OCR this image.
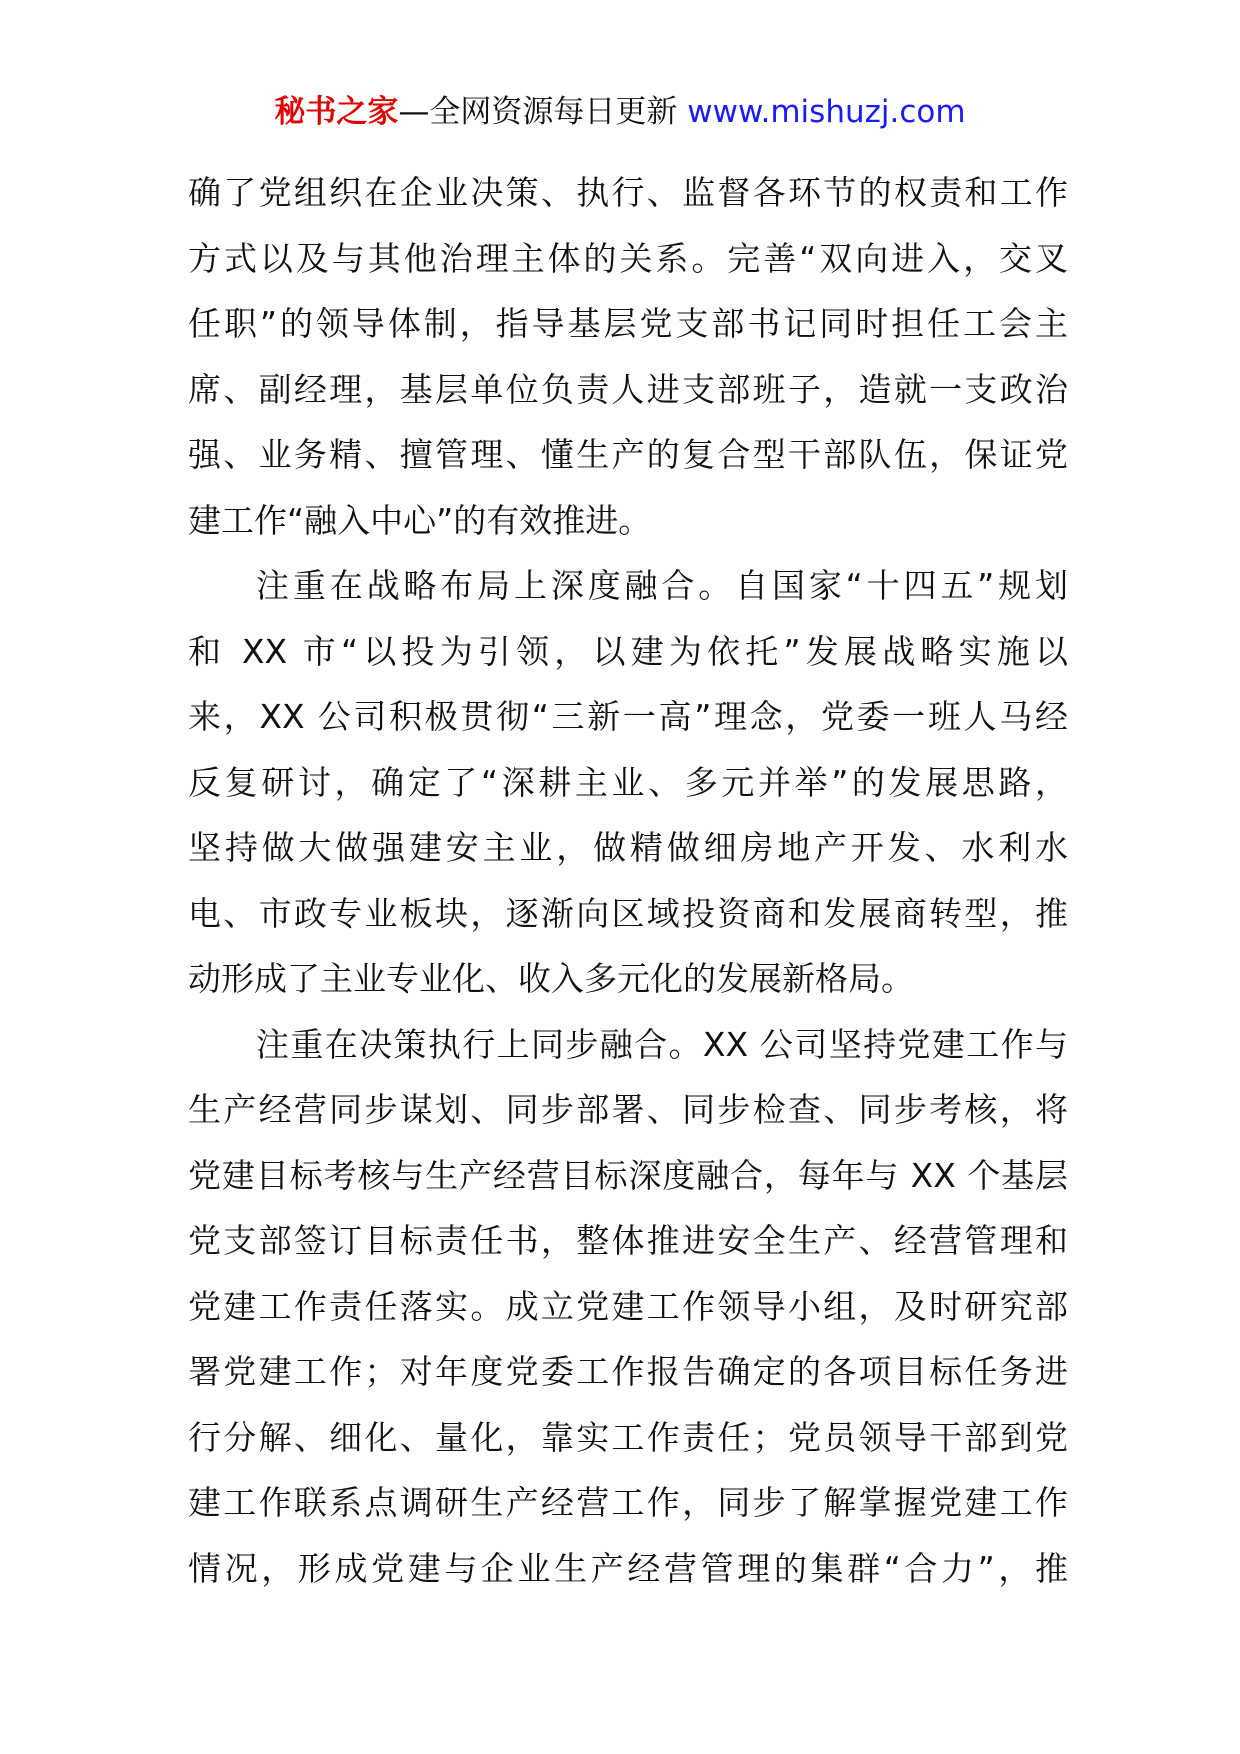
秘书之家—全网资源每日更新 www.mishuzj.com
确了党组织在企业决策、执行、监督各环节的权责和工作
方式以及与其他治理主体的关系。完善“双向进入，交叉
任职”的领导体制，指导基层党支部书记同时担任工会主
席、副经理，基层单位负责人进支部班子，造就一支政治
强、业务精、擅管理、懂生产的复合型干部队伍，保证党
建工作“融入中心”的有效推进。
注重在战略布局上深度融合。自国家“十四五”规划
和 XX 市“以投为引领，以建为依托”发展战略实施以
来，XX 公司积极贯彻“三新一高”理念，党委一班人马经
反复研讨，确定了“深耕主业、多元并举”的发展思路，
坚持做大做强建安主业，做精做细房地产开发、水利水
电、市政专业板块，逐渐向区域投资商和发展商转型，推
动形成了主业专业化、收入多元化的发展新格局。
注重在决策执行上同步融合。XX 公司坚持党建工作与
生产经营同步谋划、同步部署、同步检查、同步考核，将
党建目标考核与生产经营目标深度融合，每年与 XX 个基层
党支部签订目标责任书，整体推进安全生产、经营管理和
党建工作责任落实。成立党建工作领导小组，及时研究部
署党建工作；对年度党委工作报告确定的各项目标任务进
行分解、细化、量化，靠实工作责任；党员领导干部到党
建工作联系点调研生产经营工作，同步了解掌握党建工作
情况，形成党建与企业生产经营管理的集群“合力”，推
